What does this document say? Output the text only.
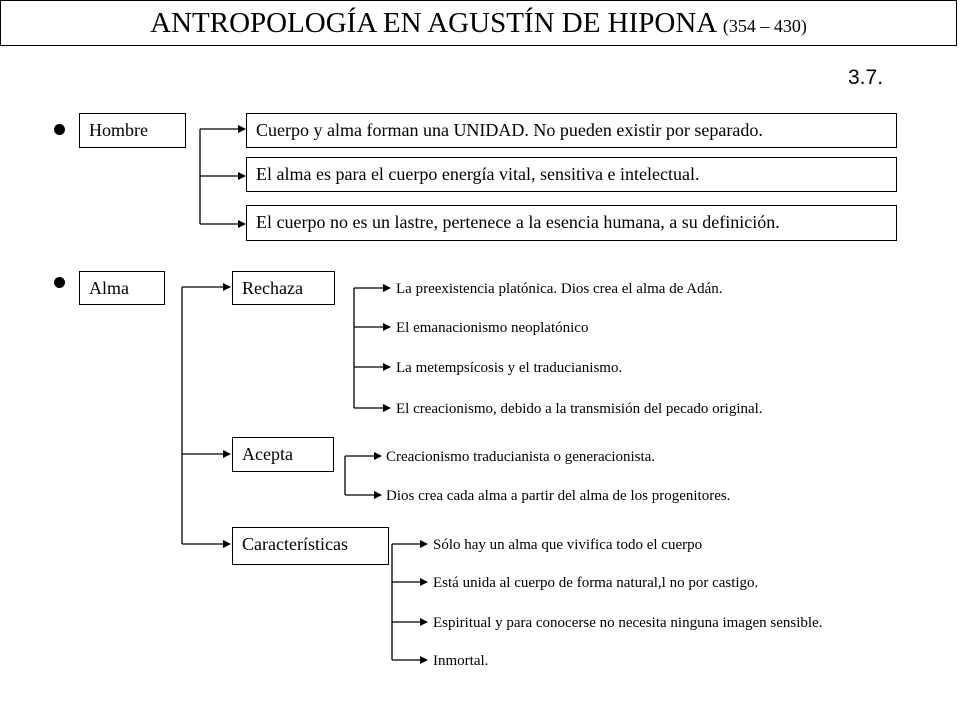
ANTROPOLOGÍA EN AGUSTÍN DE HIPONA (354 – 430)
3.7.
Hombre	Cuerpo y alma forman una UNIDAD. No pueden existir por separado.
El alma es para el cuerpo energía vital, sensitiva e intelectual.
El cuerpo no es un lastre, pertenece a la esencia humana, a su definición.
Alma	Rechaza	La preexistencia platónica. Dios crea el alma de Adán.
El emanacionismo neoplatónico
La metempsícosis y el traducianismo.
El creacionismo, debido a la transmisión del pecado original.
Acepta	Creacionismo traducianista o generacionista.
Dios crea cada alma a partir del alma de los progenitores.
Características	Sólo hay un alma que vivifica todo el cuerpo
Está unida al cuerpo de forma natural,l no por castigo.
Espiritual y para conocerse no necesita ninguna imagen sensible.
Inmortal.
